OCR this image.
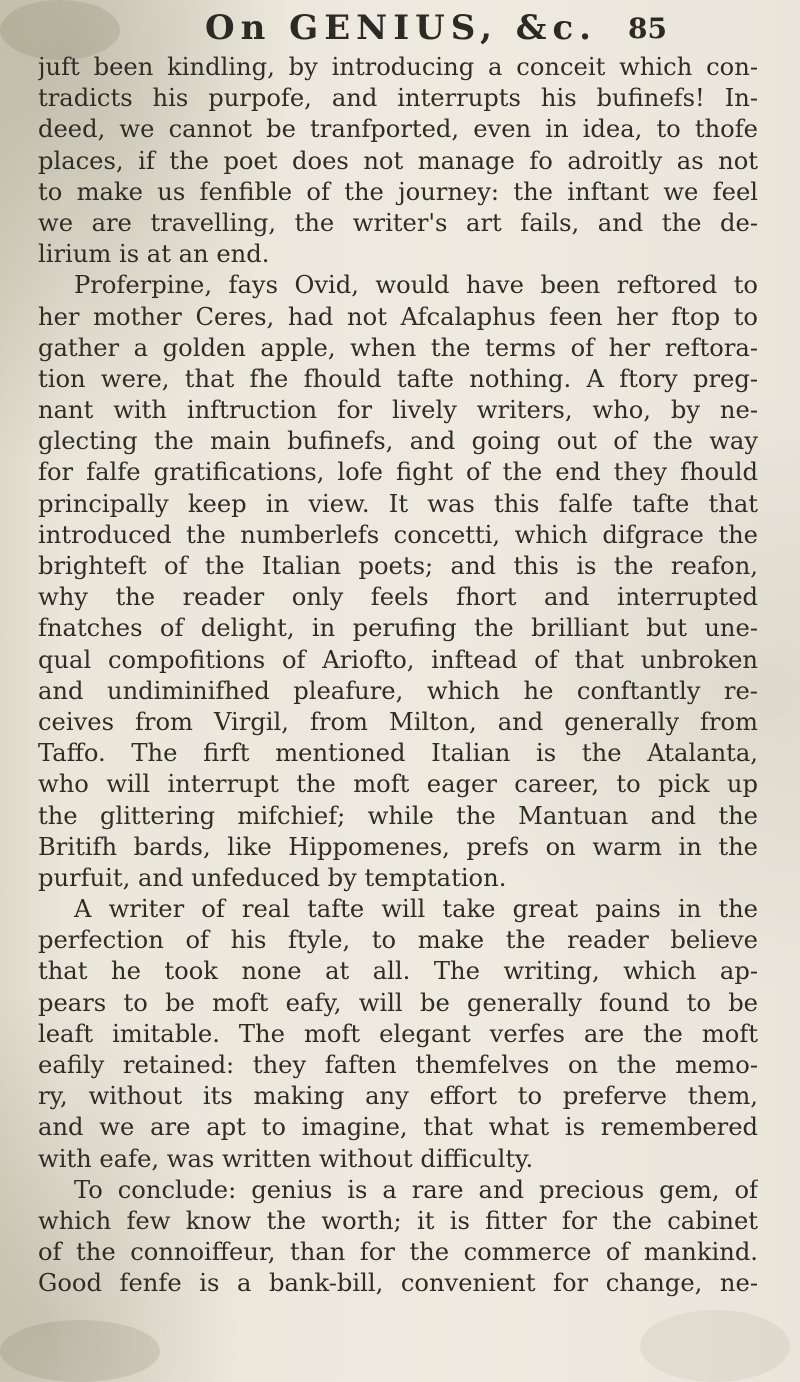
On GENIUS, &c. 85
juft been kindling, by introducing a conceit which con-
tradicts his purpofe, and interrupts his bufinefs! In-
deed, we cannot be tranfported, even in idea, to thofe
places, if the poet does not manage fo adroitly as not
to make us fenfible of the journey: the inftant we feel
we are travelling, the writer's art fails, and the de-
lirium is at an end.
Proferpine, fays Ovid, would have been reftored to
her mother Ceres, had not Afcalaphus feen her ftop to
gather a golden apple, when the terms of her reftora-
tion were, that fhe fhould tafte nothing. A ftory preg-
nant with inftruction for lively writers, who, by ne-
glecting the main bufinefs, and going out of the way
for falfe gratifications, lofe fight of the end they fhould
principally keep in view. It was this falfe tafte that
introduced the numberlefs concetti, which difgrace the
brighteft of the Italian poets; and this is the reafon,
why the reader only feels fhort and interrupted
fnatches of delight, in perufing the brilliant but une-
qual compofitions of Ariofto, inftead of that unbroken
and undiminifhed pleafure, which he conftantly re-
ceives from Virgil, from Milton, and generally from
Taffo. The firft mentioned Italian is the Atalanta,
who will interrupt the moft eager career, to pick up
the glittering mifchief; while the Mantuan and the
Britifh bards, like Hippomenes, prefs on warm in the
purfuit, and unfeduced by temptation.
A writer of real tafte will take great pains in the
perfection of his ftyle, to make the reader believe
that he took none at all. The writing, which ap-
pears to be moft eafy, will be generally found to be
leaft imitable. The moft elegant verfes are the moft
eafily retained: they faften themfelves on the memo-
ry, without its making any effort to preferve them,
and we are apt to imagine, that what is remembered
with eafe, was written without difficulty.
To conclude: genius is a rare and precious gem, of
which few know the worth; it is fitter for the cabinet
of the connoiffeur, than for the commerce of mankind.
Good fenfe is a bank-bill, convenient for change, ne-
